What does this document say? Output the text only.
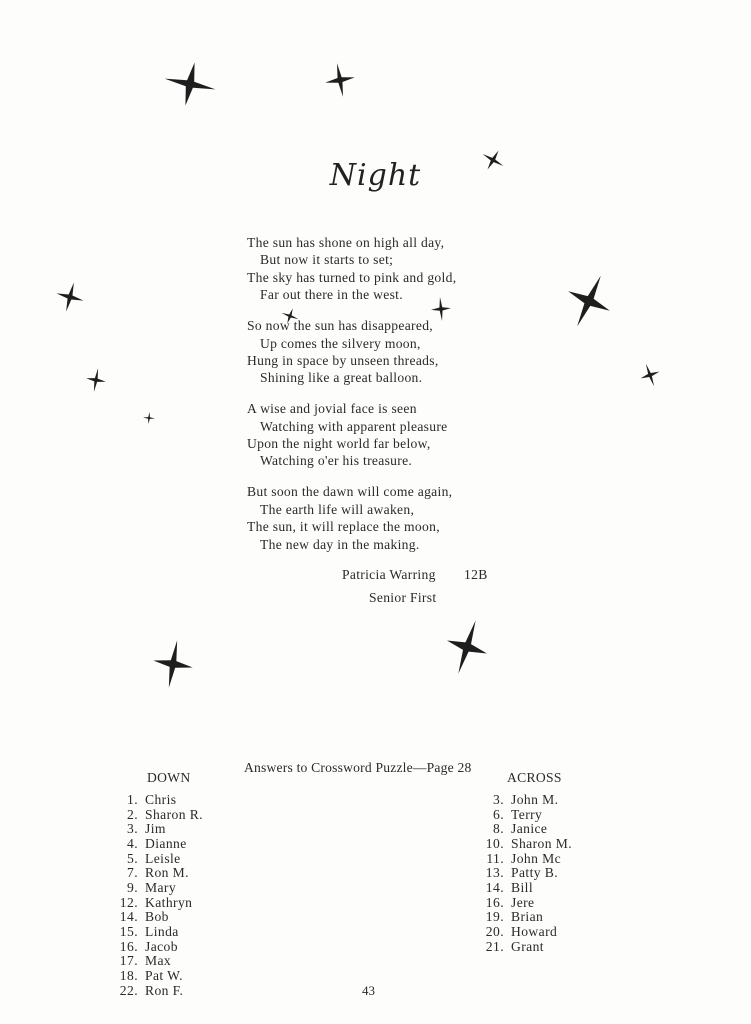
Night
The sun has shone on high all day,
But now it starts to set;
The sky has turned to pink and gold,
Far out there in the west.
So now the sun has disappeared,
Up comes the silvery moon,
Hung in space by unseen threads,
Shining like a great balloon.
A wise and jovial face is seen
Watching with apparent pleasure
Upon the night world far below,
Watching o'er his treasure.
But soon the dawn will come again,
The earth life will awaken,
The sun, it will replace the moon,
The new day in the making.
Patricia Warring 12B
Senior First
Answers to Crossword Puzzle—Page 28
DOWN	ACROSS
1. Chris
2. Sharon R.
3. Jim
4. Dianne
5. Leisle
7. Ron M.
9. Mary
12. Kathryn
14. Bob
15. Linda
16. Jacob
17. Max
18. Pat W.
22. Ron F.
3. John M.
6. Terry
8. Janice
10. Sharon M.
11. John Mc
13. Patty B.
14. Bill
16. Jere
19. Brian
20. Howard
21. Grant
43
